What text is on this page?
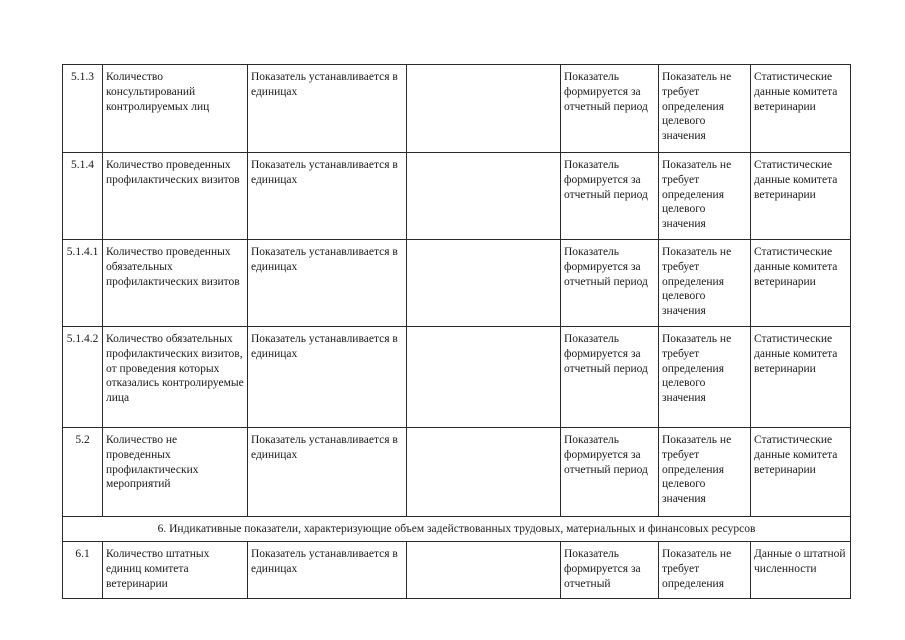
5.1.3	Количество консультирований контролируемых лиц	Показатель устанавливается в единицах		Показатель формируется за отчетный период	Показатель не требует определения целевого значения	Статистические данные комитета ветеринарии
5.1.4	Количество проведенных профилактических визитов	Показатель устанавливается в единицах		Показатель формируется за отчетный период	Показатель не требует определения целевого значения	Статистические данные комитета ветеринарии
5.1.4.1	Количество проведенных обязательных профилактических визитов	Показатель устанавливается в единицах		Показатель формируется за отчетный период	Показатель не требует определения целевого значения	Статистические данные комитета ветеринарии
5.1.4.2	Количество обязательных профилактических визитов, от проведения которых отказались контролируемые лица	Показатель устанавливается в единицах		Показатель формируется за отчетный период	Показатель не требует определения целевого значения	Статистические данные комитета ветеринарии
5.2	Количество не проведенных профилактических мероприятий	Показатель устанавливается в единицах		Показатель формируется за отчетный период	Показатель не требует определения целевого значения	Статистические данные комитета ветеринарии
6. Индикативные показатели, характеризующие объем задействованных трудовых, материальных и финансовых ресурсов						
6.1	Количество штатных единиц комитета ветеринарии	Показатель устанавливается в единицах		Показатель формируется за отчетный	Показатель не требует определения	Данные о штатной численности
